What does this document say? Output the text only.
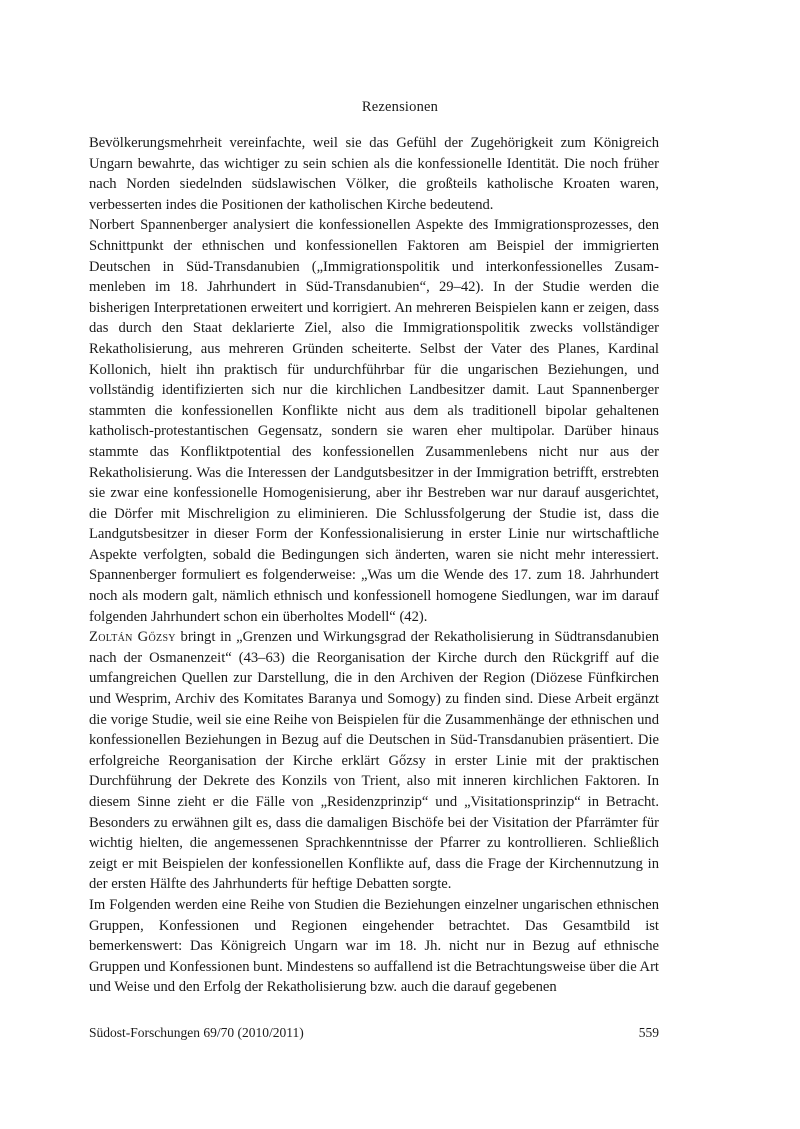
Rezensionen

Bevölkerungsmehrheit vereinfachte, weil sie das Gefühl der Zugehörigkeit zum Königreich Ungarn bewahrte, das wichtiger zu sein schien als die konfessionelle Identität. Die noch früher nach Norden siedelnden südslawischen Völker, die großteils katholische Kroaten waren, verbesserten indes die Positionen der katholischen Kirche bedeutend.

Norbert Spannenberger analysiert die konfessionellen Aspekte des Immigrationsprozesses, den Schnittpunkt der ethnischen und konfessionellen Faktoren am Beispiel der immigrierten Deutschen in Süd-Transdanubien („Immigrationspolitik und interkonfessionelles Zusammenleben im 18. Jahrhundert in Süd-Transdanubien“, 29–42). In der Studie werden die bisherigen Interpretationen erweitert und korrigiert. An mehreren Beispielen kann er zeigen, dass das durch den Staat deklarierte Ziel, also die Immigrationspolitik zwecks vollständiger Rekatholisierung, aus mehreren Gründen scheiterte. Selbst der Vater des Planes, Kardinal Kollonich, hielt ihn praktisch für undurchführbar für die ungarischen Beziehungen, und vollständig identifizierten sich nur die kirchlichen Landbesitzer damit. Laut Spannenberger stammten die konfessionellen Konflikte nicht aus dem als traditionell bipolar gehaltenen katholisch-protestantischen Gegensatz, sondern sie waren eher multipolar. Darüber hinaus stammte das Konfliktpotential des konfessionellen Zusammenlebens nicht nur aus der Rekatholisierung. Was die Interessen der Landgutsbesitzer in der Immigration betrifft, erstrebten sie zwar eine konfessionelle Homogenisierung, aber ihr Bestreben war nur darauf ausgerichtet, die Dörfer mit Mischreligion zu eliminieren. Die Schlussfolgerung der Studie ist, dass die Landgutsbesitzer in dieser Form der Konfessionalisierung in erster Linie nur wirtschaftliche Aspekte verfolgten, sobald die Bedingungen sich änderten, waren sie nicht mehr interessiert. Spannenberger formuliert es folgenderweise: „Was um die Wende des 17. zum 18. Jahrhundert noch als modern galt, nämlich ethnisch und konfessionell homogene Siedlungen, war im darauf folgenden Jahrhundert schon ein überholtes Modell“ (42).

Zoltán Gőzsy bringt in „Grenzen und Wirkungsgrad der Rekatholisierung in Südtransdanubien nach der Osmanenzeit“ (43–63) die Reorganisation der Kirche durch den Rückgriff auf die umfangreichen Quellen zur Darstellung, die in den Archiven der Region (Diözese Fünfkirchen und Wesprim, Archiv des Komitates Baranya und Somogy) zu finden sind. Diese Arbeit ergänzt die vorige Studie, weil sie eine Reihe von Beispielen für die Zusammenhänge der ethnischen und konfessionellen Beziehungen in Bezug auf die Deutschen in Süd-Transdanubien präsentiert. Die erfolgreiche Reorganisation der Kirche erklärt Gőzsy in erster Linie mit der praktischen Durchführung der Dekrete des Konzils von Trient, also mit inneren kirchlichen Faktoren. In diesem Sinne zieht er die Fälle von „Residenzprinzip“ und „Visitationsprinzip“ in Betracht. Besonders zu erwähnen gilt es, dass die damaligen Bischöfe bei der Visitation der Pfarrämter für wichtig hielten, die angemessenen Sprachkenntnisse der Pfarrer zu kontrollieren. Schließlich zeigt er mit Beispielen der konfessionellen Konflikte auf, dass die Frage der Kirchennutzung in der ersten Hälfte des Jahrhunderts für heftige Debatten sorgte.

Im Folgenden werden eine Reihe von Studien die Beziehungen einzelner ungarischen ethnischen Gruppen, Konfessionen und Regionen eingehender betrachtet. Das Gesamtbild ist bemerkenswert: Das Königreich Ungarn war im 18. Jh. nicht nur in Bezug auf ethnische Gruppen und Konfessionen bunt. Mindestens so auffallend ist die Betrachtungsweise über die Art und Weise und den Erfolg der Rekatholisierung bzw. auch die darauf gegebenen

Südost-Forschungen 69/70 (2010/2011)	559
